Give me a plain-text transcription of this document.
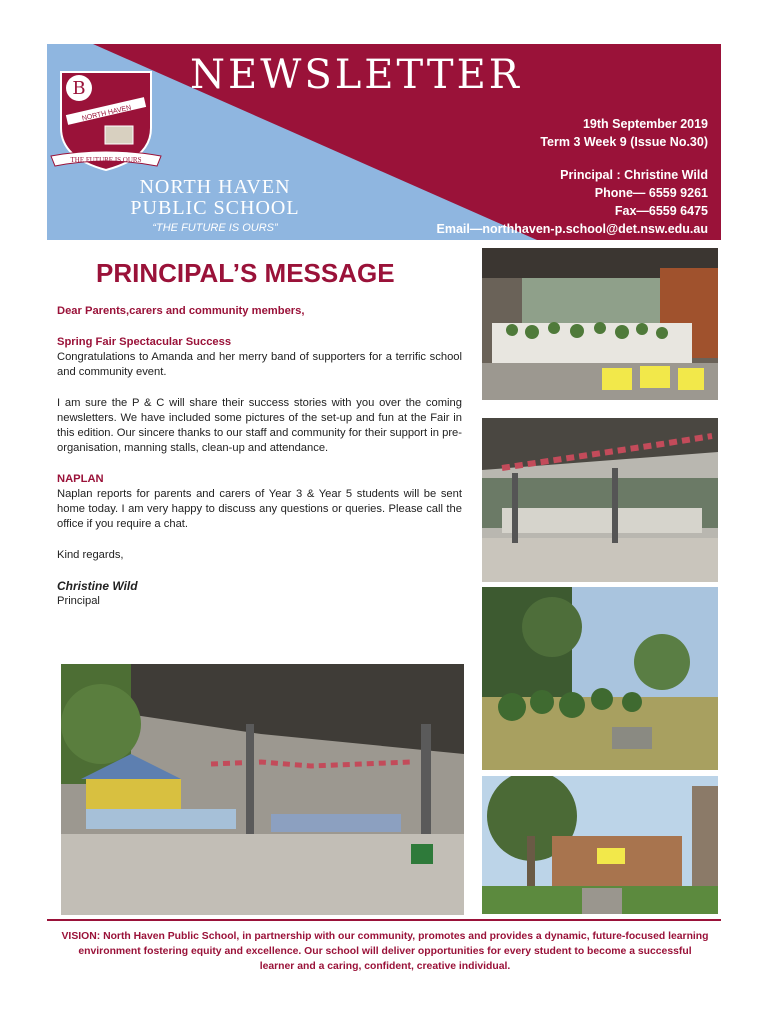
B
NORTH HAVEN
THE FUTURE IS OURS
NEWSLETTER
NORTH HAVEN PUBLIC SCHOOL
“THE FUTURE IS OURS”
19th September 2019
Term 3 Week 9 (Issue No.30)
Principal : Christine Wild
Phone— 6559 9261
Fax—6559 6475
Email—northhaven-p.school@det.nsw.edu.au
PRINCIPAL’S MESSAGE

Dear Parents,carers and community members,

Spring Fair Spectacular Success

Congratulations to Amanda and her merry band of supporters for a terrific school and community event.

I am sure the P & C will share their success stories with you over the coming newsletters. We have included some pictures of the set-up and fun at the Fair in this edition. Our sincere thanks to our staff and community for their support in pre-organisation, manning stalls, clean-up and attendance.

NAPLAN

Naplan reports for parents and carers of Year 3 & Year 5 students will be sent home today. I am very happy to discuss any questions or queries. Please call the office if you require a chat.

Kind regards,

Christine Wild
Principal
VISION: North Haven Public School, in partnership with our community, promotes and provides a dynamic, future-focused learning environment fostering equity and excellence. Our school will deliver opportunities for every student to become a successful learner and a caring, confident, creative individual.
